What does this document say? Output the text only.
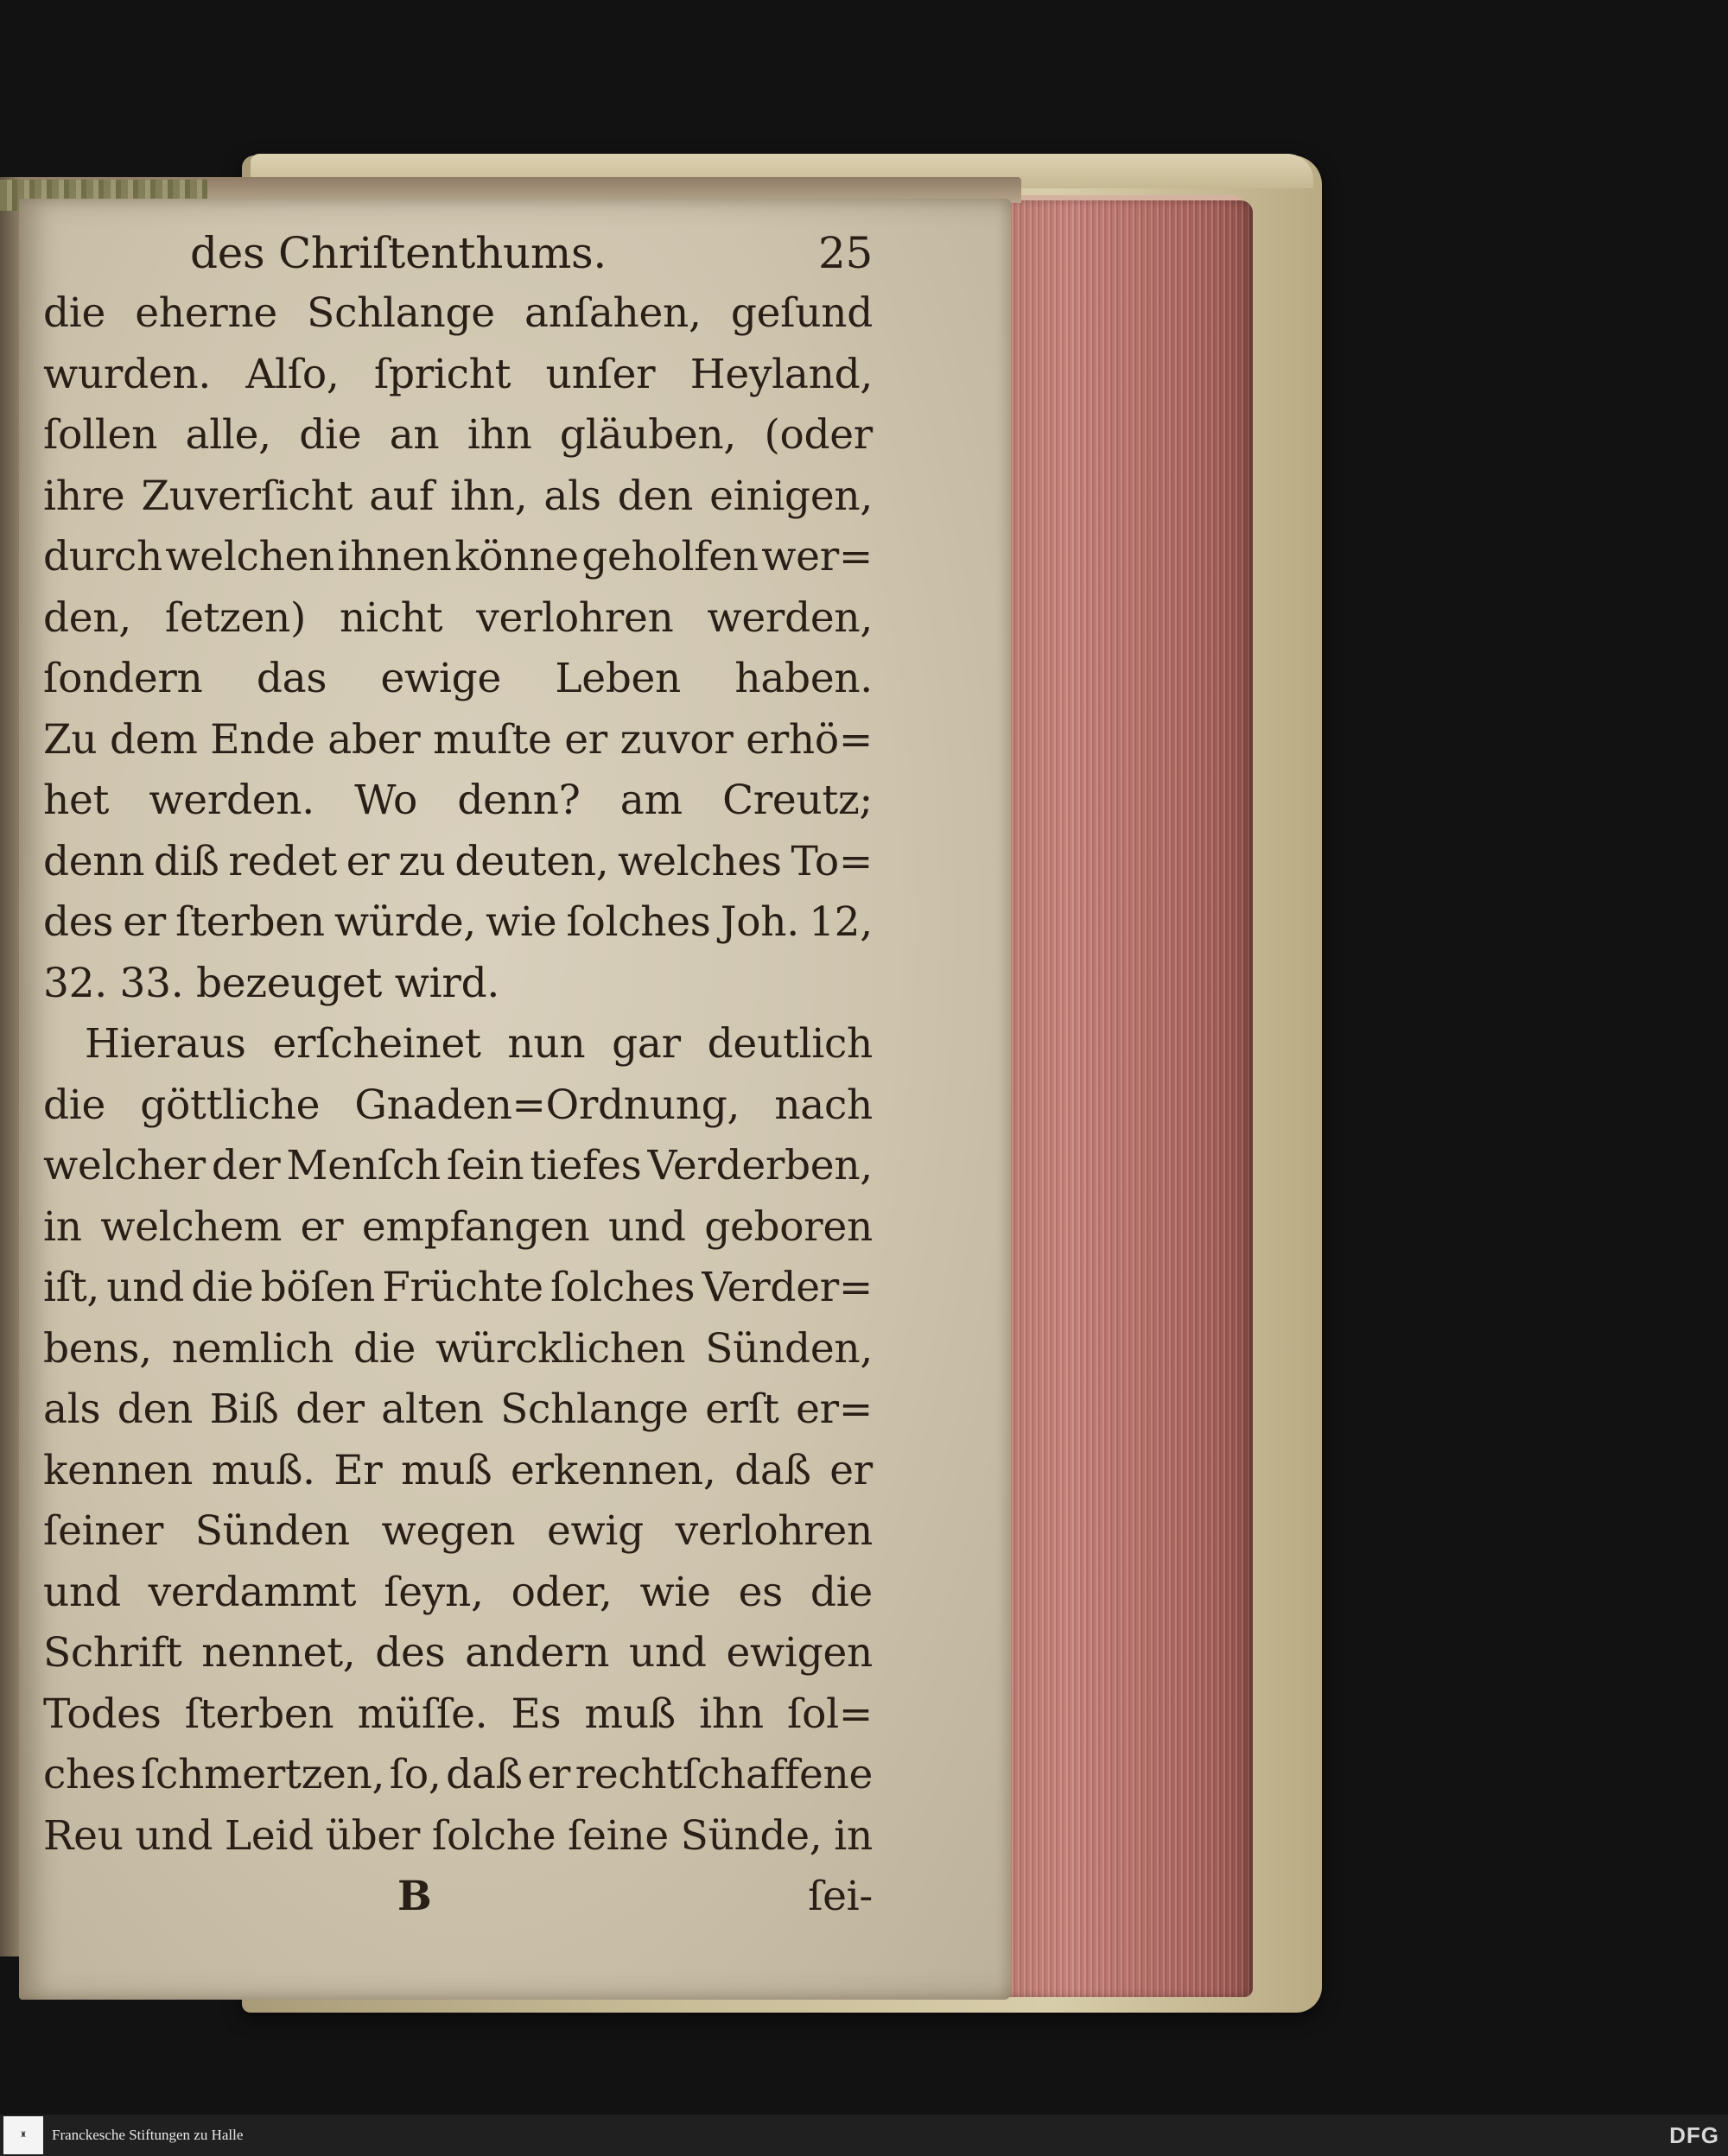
des Chriſtenthums.	25
die eherne Schlange anſahen, geſund
wurden. Alſo, ſpricht unſer Heyland,
ſollen alle, die an ihn gläuben, (oder
ihre Zuverſicht auf ihn, als den einigen,
durch welchen ihnen könne geholfen wer=
den, ſetzen) nicht verlohren werden,
ſondern das ewige Leben haben.
Zu dem Ende aber muſte er zuvor erhö=
het werden. Wo denn? am Creutz;
denn diß redet er zu deuten, welches To=
des er ſterben würde, wie ſolches Joh. 12,
32. 33. bezeuget wird.
Hieraus erſcheinet nun gar deutlich
die göttliche Gnaden=Ordnung, nach
welcher der Menſch ſein tiefes Verderben,
in welchem er empfangen und geboren
iſt, und die böſen Früchte ſolches Verder=
bens, nemlich die würcklichen Sünden,
als den Biß der alten Schlange erſt er=
kennen muß. Er muß erkennen, daß er
ſeiner Sünden wegen ewig verlohren
und verdammt ſeyn, oder, wie es die
Schrift nennet, des andern und ewigen
Todes ſterben müſſe. Es muß ihn ſol=
ches ſchmertzen, ſo, daß er rechtſchaffene
Reu und Leid über ſolche ſeine Sünde, in
B	ſei-
♜	Franckesche Stiftungen zu Halle	DFG
